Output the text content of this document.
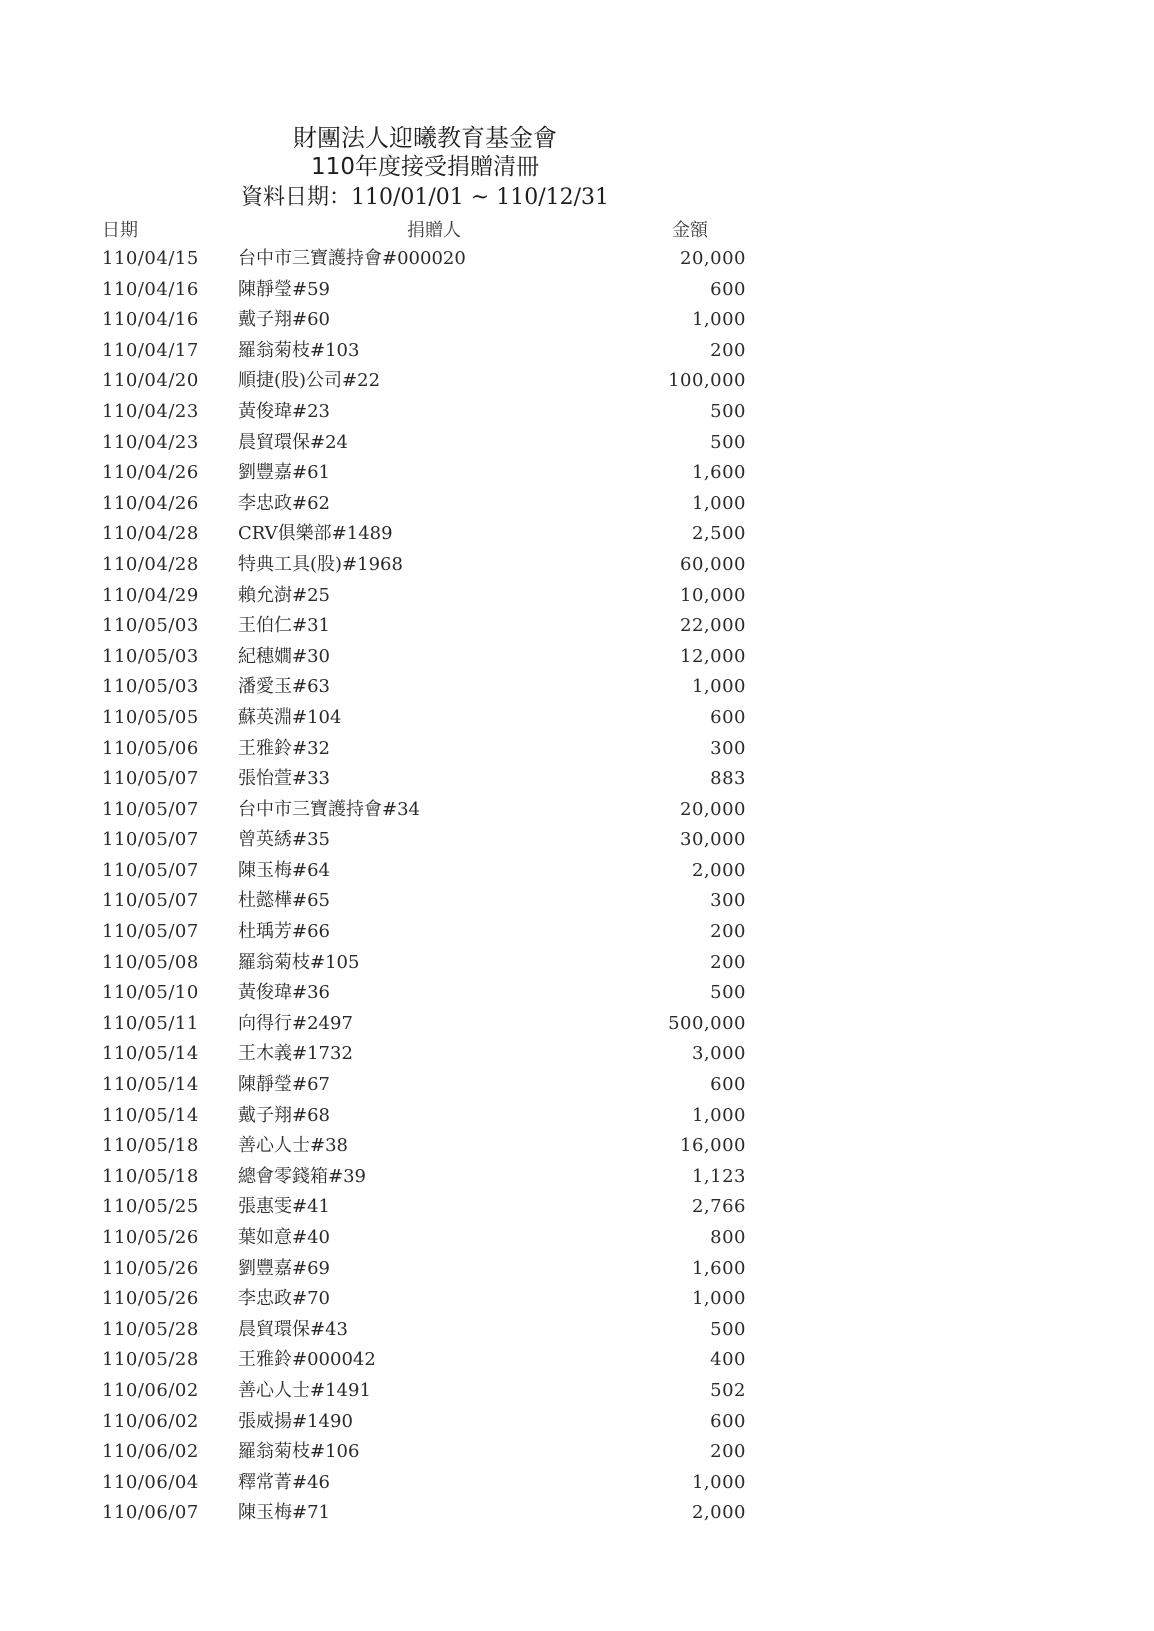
財團法人迎曦教育基金會
110年度接受捐贈清冊
資料日期：110/01/01 ~ 110/12/31
日期	捐贈人	金額
110/04/15 台中市三寶護持會#000020	20,000
110/04/16 陳靜瑩#59	600
110/04/16 戴子翔#60	1,000
110/04/17 羅翁菊枝#103	200
110/04/20 順捷(股)公司#22	100,000
110/04/23 黃俊瑋#23	500
110/04/23 晨貿環保#24	500
110/04/26 劉豐嘉#61	1,600
110/04/26 李忠政#62	1,000
110/04/28 CRV俱樂部#1489	2,500
110/04/28 特典工具(股)#1968	60,000
110/04/29 賴允澍#25	10,000
110/05/03 王伯仁#31	22,000
110/05/03 紀穗嫺#30	12,000
110/05/03 潘愛玉#63	1,000
110/05/05 蘇英淵#104	600
110/05/06 王雅鈴#32	300
110/05/07 張怡萱#33	883
110/05/07 台中市三寶護持會#34	20,000
110/05/07 曾英綉#35	30,000
110/05/07 陳玉梅#64	2,000
110/05/07 杜懿樺#65	300
110/05/07 杜瑀芳#66	200
110/05/08 羅翁菊枝#105	200
110/05/10 黃俊瑋#36	500
110/05/11 向得行#2497	500,000
110/05/14 王木義#1732	3,000
110/05/14 陳靜瑩#67	600
110/05/14 戴子翔#68	1,000
110/05/18 善心人士#38	16,000
110/05/18 總會零錢箱#39	1,123
110/05/25 張惠雯#41	2,766
110/05/26 葉如意#40	800
110/05/26 劉豐嘉#69	1,600
110/05/26 李忠政#70	1,000
110/05/28 晨貿環保#43	500
110/05/28 王雅鈴#000042	400
110/06/02 善心人士#1491	502
110/06/02 張威揚#1490	600
110/06/02 羅翁菊枝#106	200
110/06/04 釋常菁#46	1,000
110/06/07 陳玉梅#71	2,000
